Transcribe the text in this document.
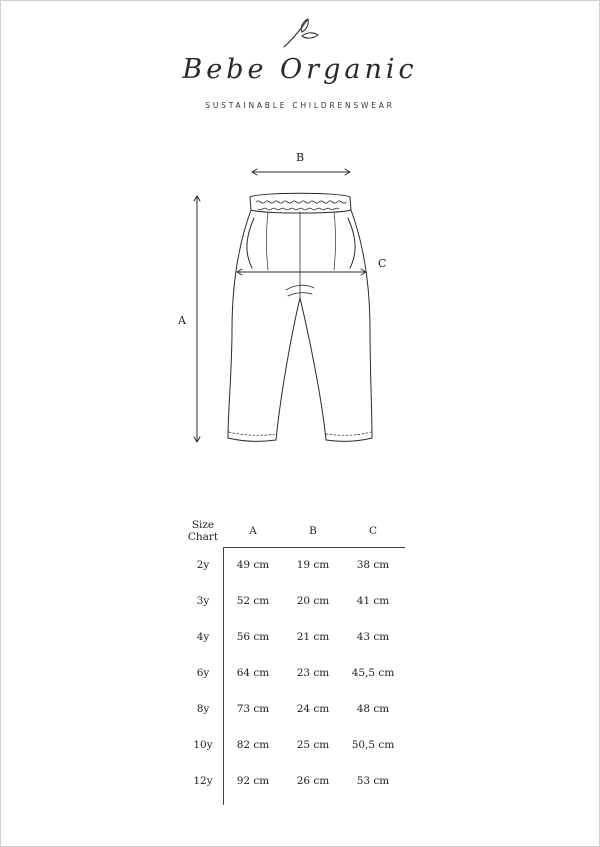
Bebe Organic
SUSTAINABLE CHILDRENSWEAR
A
B
C
Size
Chart	A	B	C
2y	49 cm	19 cm	38 cm
3y	52 cm	20 cm	41 cm
4y	56 cm	21 cm	43 cm
6y	64 cm	23 cm	45,5 cm
8y	73 cm	24 cm	48 cm
10y	82 cm	25 cm	50,5 cm
12y	92 cm	26 cm	53 cm
